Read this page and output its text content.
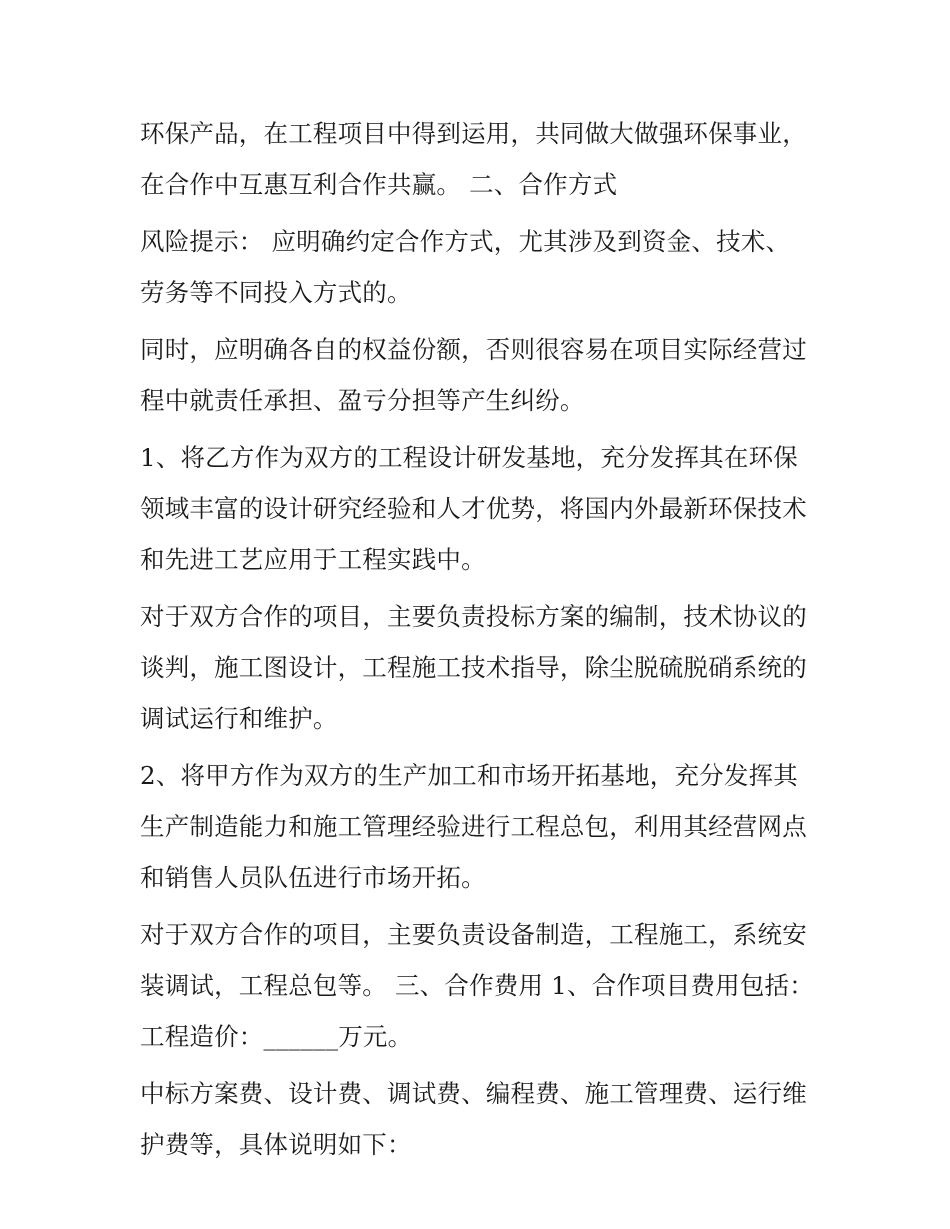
环保产品，在工程项目中得到运用，共同做大做强环保事业，
在合作中互惠互利合作共赢。 二、合作方式

风险提示： 应明确约定合作方式，尤其涉及到资金、技术、
劳务等不同投入方式的。

同时，应明确各自的权益份额，否则很容易在项目实际经营过
程中就责任承担、盈亏分担等产生纠纷。

1、将乙方作为双方的工程设计研发基地，充分发挥其在环保
领域丰富的设计研究经验和人才优势，将国内外最新环保技术
和先进工艺应用于工程实践中。

对于双方合作的项目，主要负责投标方案的编制，技术协议的
谈判，施工图设计，工程施工技术指导，除尘脱硫脱硝系统的
调试运行和维护。

2、将甲方作为双方的生产加工和市场开拓基地，充分发挥其
生产制造能力和施工管理经验进行工程总包，利用其经营网点
和销售人员队伍进行市场开拓。

对于双方合作的项目，主要负责设备制造，工程施工，系统安
装调试，工程总包等。 三、合作费用 1、合作项目费用包括：
工程造价：______万元。

中标方案费、设计费、调试费、编程费、施工管理费、运行维
护费等，具体说明如下：
